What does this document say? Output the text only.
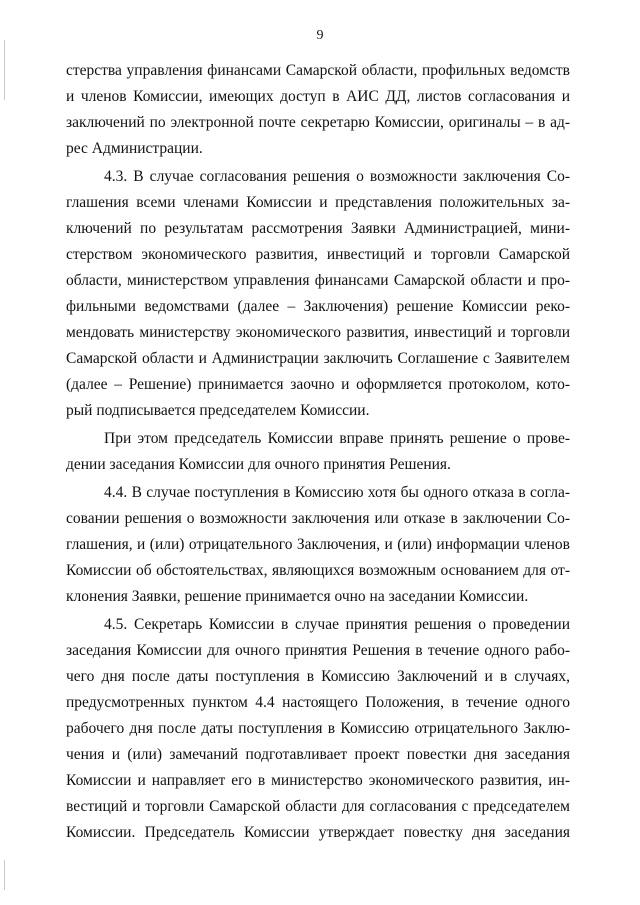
9
стерства управления финансами Самарской области, профильных ведомств
и членов Комиссии, имеющих доступ в АИС ДД, листов согласования и
заключений по электронной почте секретарю Комиссии, оригиналы – в ад-
рес Администрации.
4.3. В случае согласования решения о возможности заключения Со-
глашения всеми членами Комиссии и представления положительных за-
ключений по результатам рассмотрения Заявки Администрацией, мини-
стерством экономического развития, инвестиций и торговли Самарской
области, министерством управления финансами Самарской области и про-
фильными ведомствами (далее – Заключения) решение Комиссии реко-
мендовать министерству экономического развития, инвестиций и торговли
Самарской области и Администрации заключить Соглашение с Заявителем
(далее – Решение) принимается заочно и оформляется протоколом, кото-
рый подписывается председателем Комиссии.
При этом председатель Комиссии вправе принять решение о прове-
дении заседания Комиссии для очного принятия Решения.
4.4. В случае поступления в Комиссию хотя бы одного отказа в согла-
совании решения о возможности заключения или отказе в заключении Со-
глашения, и (или) отрицательного Заключения, и (или) информации членов
Комиссии об обстоятельствах, являющихся возможным основанием для от-
клонения Заявки, решение принимается очно на заседании Комиссии.
4.5. Секретарь Комиссии в случае принятия решения о проведении
заседания Комиссии для очного принятия Решения в течение одного рабо-
чего дня после даты поступления в Комиссию Заключений и в случаях,
предусмотренных пунктом 4.4 настоящего Положения, в течение одного
рабочего дня после даты поступления в Комиссию отрицательного Заклю-
чения и (или) замечаний подготавливает проект повестки дня заседания
Комиссии и направляет его в министерство экономического развития, ин-
вестиций и торговли Самарской области для согласования с председателем
Комиссии. Председатель Комиссии утверждает повестку дня заседания
